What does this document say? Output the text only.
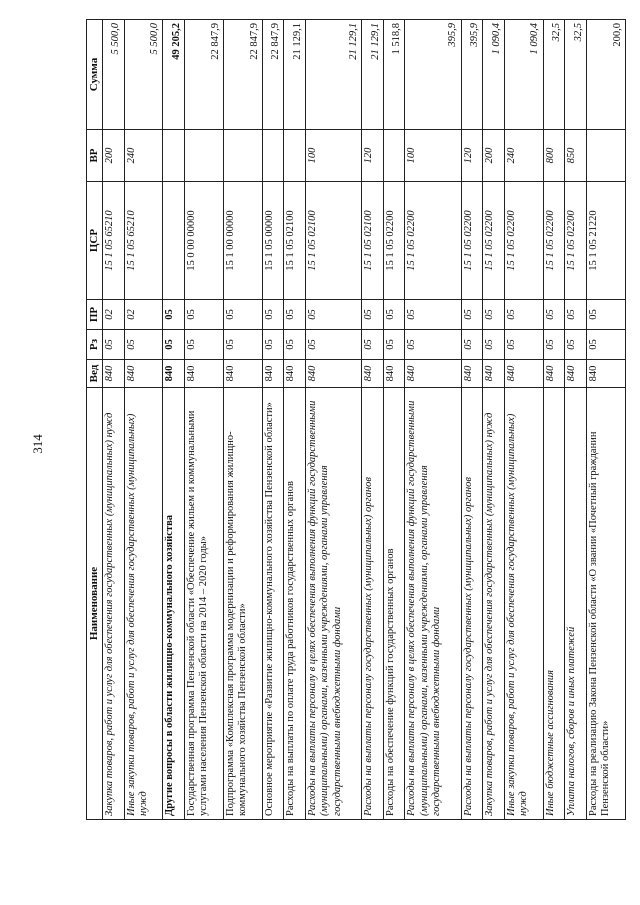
314
Наименование	Вед	Рз	ПР	ЦСР	ВР	Сумма
Закупка товаров, работ и услуг для обеспечения государственных (муниципальных) нужд	840	05	02	15 1 05 65210	200	5 500,0
Иные закупки товаров, работ и услуг для обеспечения государственных (муниципальных) нужд	840	05	02	15 1 05 65210	240	5 500,0
Другие вопросы в области жилищно-коммунального хозяйства	840	05	05			49 205,2
Государственная программа Пензенской области «Обеспечение жильем и коммунальными услугами населения Пензенской области на 2014 – 2020 годы»	840	05	05	15 0 00 00000		22 847,9
Подпрограмма «Комплексная программа модернизации и реформирования жилищно-коммунального хозяйства Пензенской области»	840	05	05	15 1 00 00000		22 847,9
Основное мероприятие «Развитие жилищно-коммунального хозяйства Пензенской области»	840	05	05	15 1 05 00000		22 847,9
Расходы на выплаты по оплате труда работников государственных органов	840	05	05	15 1 05 02100		21 129,1
Расходы на выплаты персоналу в целях обеспечения выполнения функций государственными (муниципальными) органами, казенными учреждениями, органами управления государственными внебюджетными фондами	840	05	05	15 1 05 02100	100	21 129,1
Расходы на выплаты персоналу государственных (муниципальных) органов	840	05	05	15 1 05 02100	120	21 129,1
Расходы на обеспечение функций государственных органов	840	05	05	15 1 05 02200		1 518,8
Расходы на выплаты персоналу в целях обеспечения выполнения функций государственными (муниципальными) органами, казенными учреждениями, органами управления государственными внебюджетными фондами	840	05	05	15 1 05 02200	100	395,9
Расходы на выплаты персоналу государственных (муниципальных) органов	840	05	05	15 1 05 02200	120	395,9
Закупка товаров, работ и услуг для обеспечения государственных (муниципальных) нужд	840	05	05	15 1 05 02200	200	1 090,4
Иные закупки товаров, работ и услуг для обеспечения государственных (муниципальных) нужд	840	05	05	15 1 05 02200	240	1 090,4
Иные бюджетные ассигнования	840	05	05	15 1 05 02200	800	32,5
Уплата налогов, сборов и иных платежей	840	05	05	15 1 05 02200	850	32,5
Расходы на реализацию Закона Пензенской области «О звании «Почетный гражданин Пензенской области»	840	05	05	15 1 05 21220		200,0
